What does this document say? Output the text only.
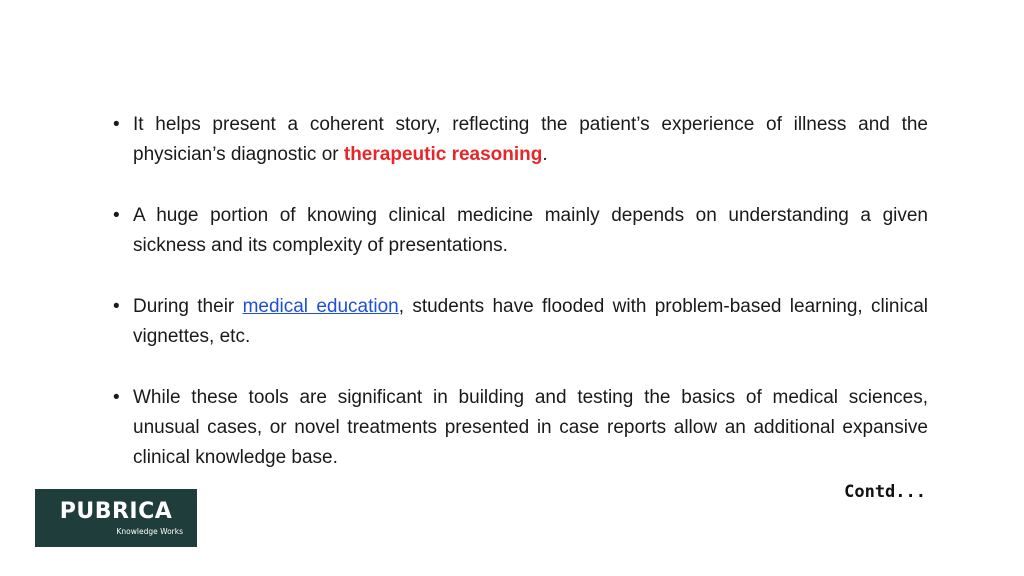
• It helps present a coherent story, reflecting the patient’s experience of illness and the physician’s diagnostic or therapeutic reasoning.
• A huge portion of knowing clinical medicine mainly depends on understanding a given sickness and its complexity of presentations.
• During their medical education, students have flooded with problem-based learning, clinical vignettes, etc.
• While these tools are significant in building and testing the basics of medical sciences, unusual cases, or novel treatments presented in case reports allow an additional expansive clinical knowledge base.
Contd...
PUBRICA
Knowledge Works
